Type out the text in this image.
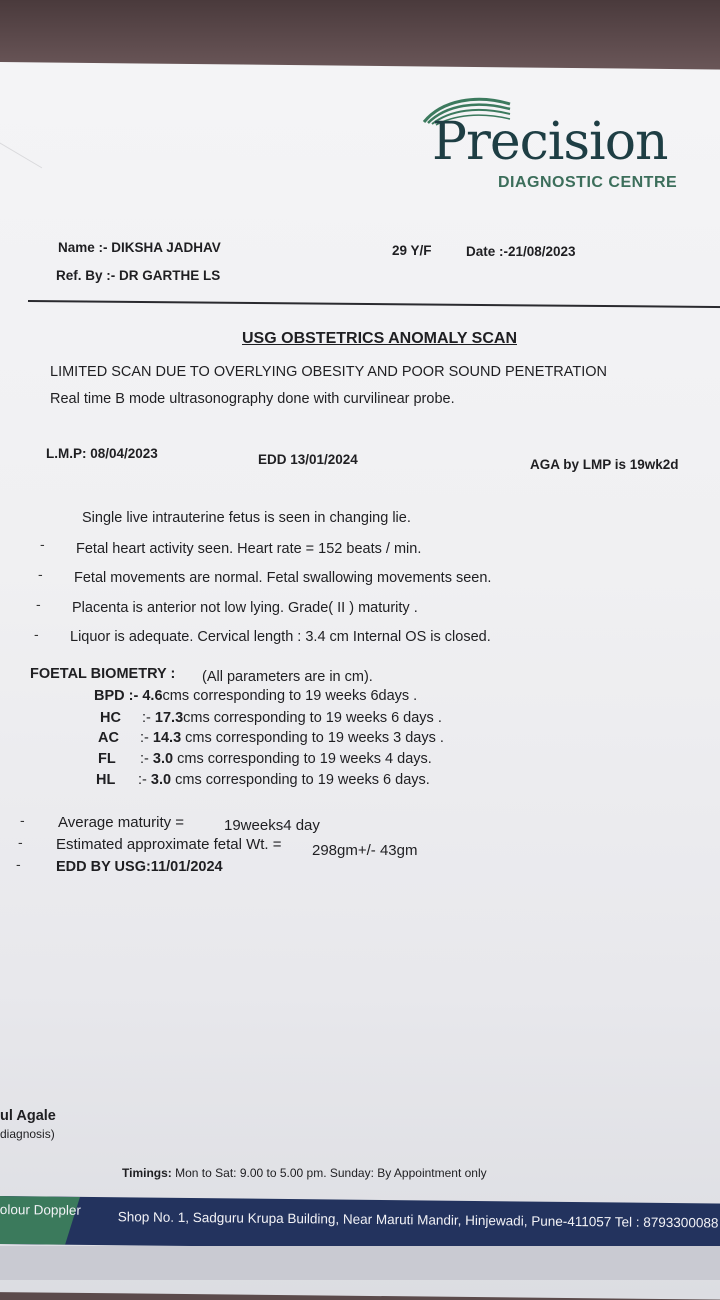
Precision
DIAGNOSTIC CENTRE
Name :- DIKSHA JADHAV	29 Y/F	Date :-21/08/2023
Ref. By :- DR GARTHE LS
USG OBSTETRICS ANOMALY SCAN
LIMITED SCAN DUE TO OVERLYING OBESITY AND POOR SOUND PENETRATION
Real time B mode ultrasonography done with curvilinear probe.
L.M.P: 08/04/2023	EDD 13/01/2024	AGA by LMP is 19wk2d
Single live intrauterine fetus is seen in changing lie.
- Fetal heart activity seen. Heart rate = 152 beats / min.
- Fetal movements are normal. Fetal swallowing movements seen.
- Placenta is anterior not low lying. Grade( II ) maturity .
- Liquor is adequate. Cervical length : 3.4 cm Internal OS is closed.
FOETAL BIOMETRY : (All parameters are in cm).
BPD :- 4.6cms corresponding to 19 weeks 6days .
HC :- 17.3cms corresponding to 19 weeks 6 days .
AC :- 14.3 cms corresponding to 19 weeks 3 days .
FL :- 3.0 cms corresponding to 19 weeks 4 days.
HL :- 3.0 cms corresponding to 19 weeks 6 days.
- Average maturity =	19weeks4 day
- Estimated approximate fetal Wt. = 298gm+/- 43gm
- EDD BY USG:11/01/2024
ul Agale
diagnosis)
Timings: Mon to Sat: 9.00 to 5.00 pm. Sunday: By Appointment only
olour Doppler	Shop No. 1, Sadguru Krupa Building, Near Maruti Mandir, Hinjewadi, Pune-411057 Tel : 8793300088
